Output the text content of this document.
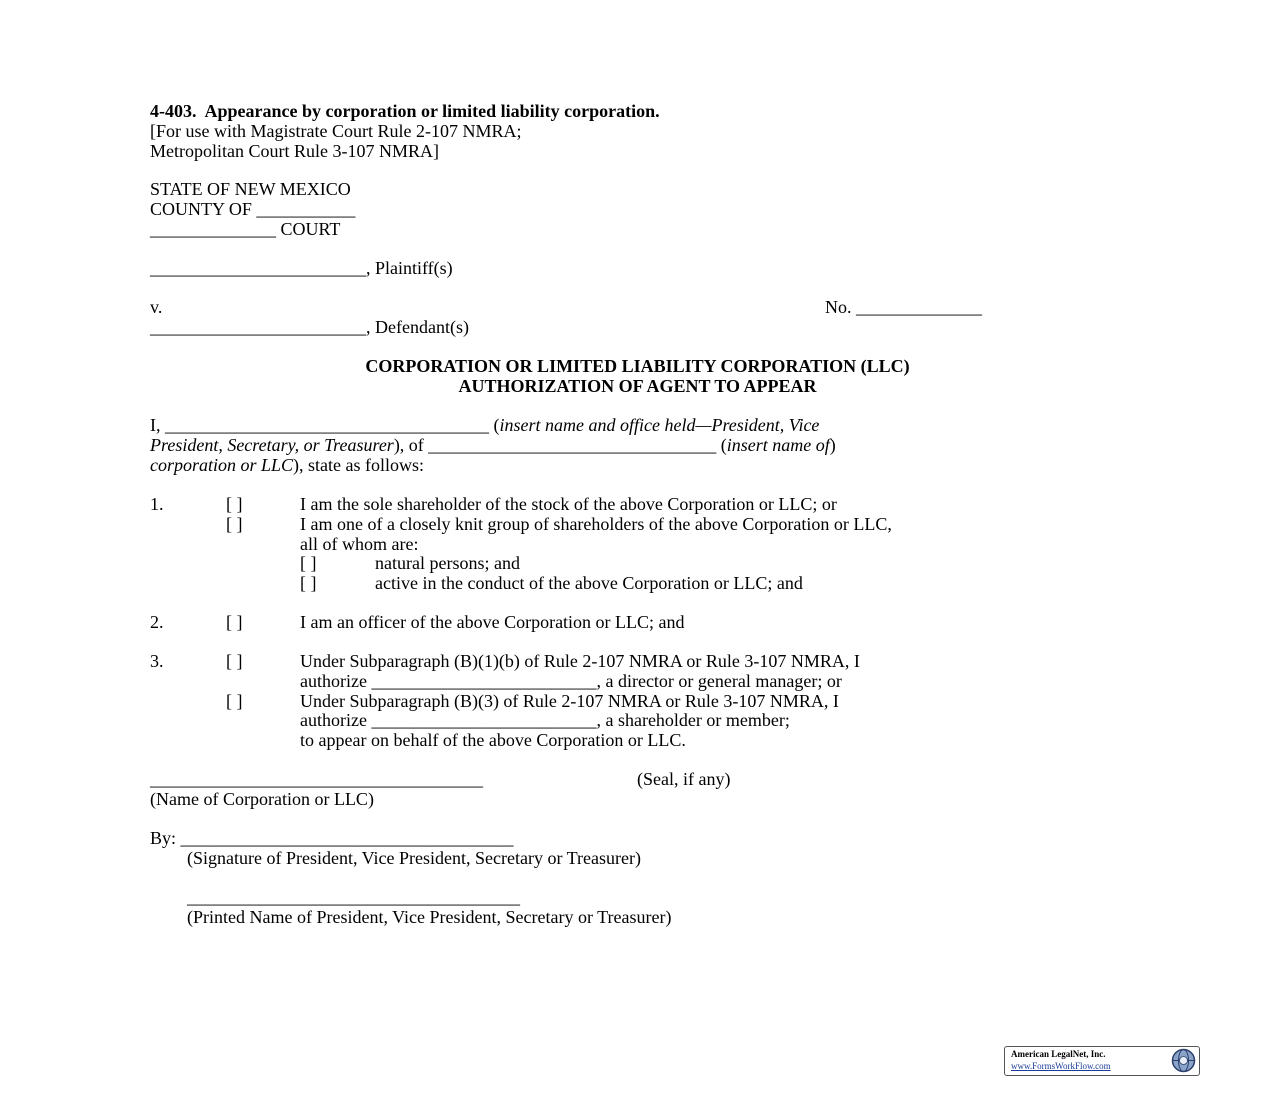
4-403. Appearance by corporation or limited liability corporation.
[For use with Magistrate Court Rule 2-107 NMRA;
Metropolitan Court Rule 3-107 NMRA]
STATE OF NEW MEXICO
COUNTY OF ___________
______________ COURT
________________________, Plaintiff(s)
v.	No. ______________
________________________, Defendant(s)
CORPORATION OR LIMITED LIABILITY CORPORATION (LLC)
AUTHORIZATION OF AGENT TO APPEAR
I, ____________________________________ (insert name and office held—President, Vice
President, Secretary, or Treasurer), of ________________________________ (insert name of)
corporation or LLC), state as follows:
1.	[ ]	I am the sole shareholder of the stock of the above Corporation or LLC; or
[ ]	I am one of a closely knit group of shareholders of the above Corporation or LLC,
all of whom are:
[ ]	natural persons; and
[ ]	active in the conduct of the above Corporation or LLC; and
2.	[ ]	I am an officer of the above Corporation or LLC; and
3.	[ ]	Under Subparagraph (B)(1)(b) of Rule 2-107 NMRA or Rule 3-107 NMRA, I
authorize _________________________, a director or general manager; or
[ ]	Under Subparagraph (B)(3) of Rule 2-107 NMRA or Rule 3-107 NMRA, I
authorize _________________________, a shareholder or member;
to appear on behalf of the above Corporation or LLC.
_____________________________________	(Seal, if any)
(Name of Corporation or LLC)
By: _____________________________________
(Signature of President, Vice President, Secretary or Treasurer)
_____________________________________
(Printed Name of President, Vice President, Secretary or Treasurer)
American LegalNet, Inc.
www.FormsWorkFlow.com
